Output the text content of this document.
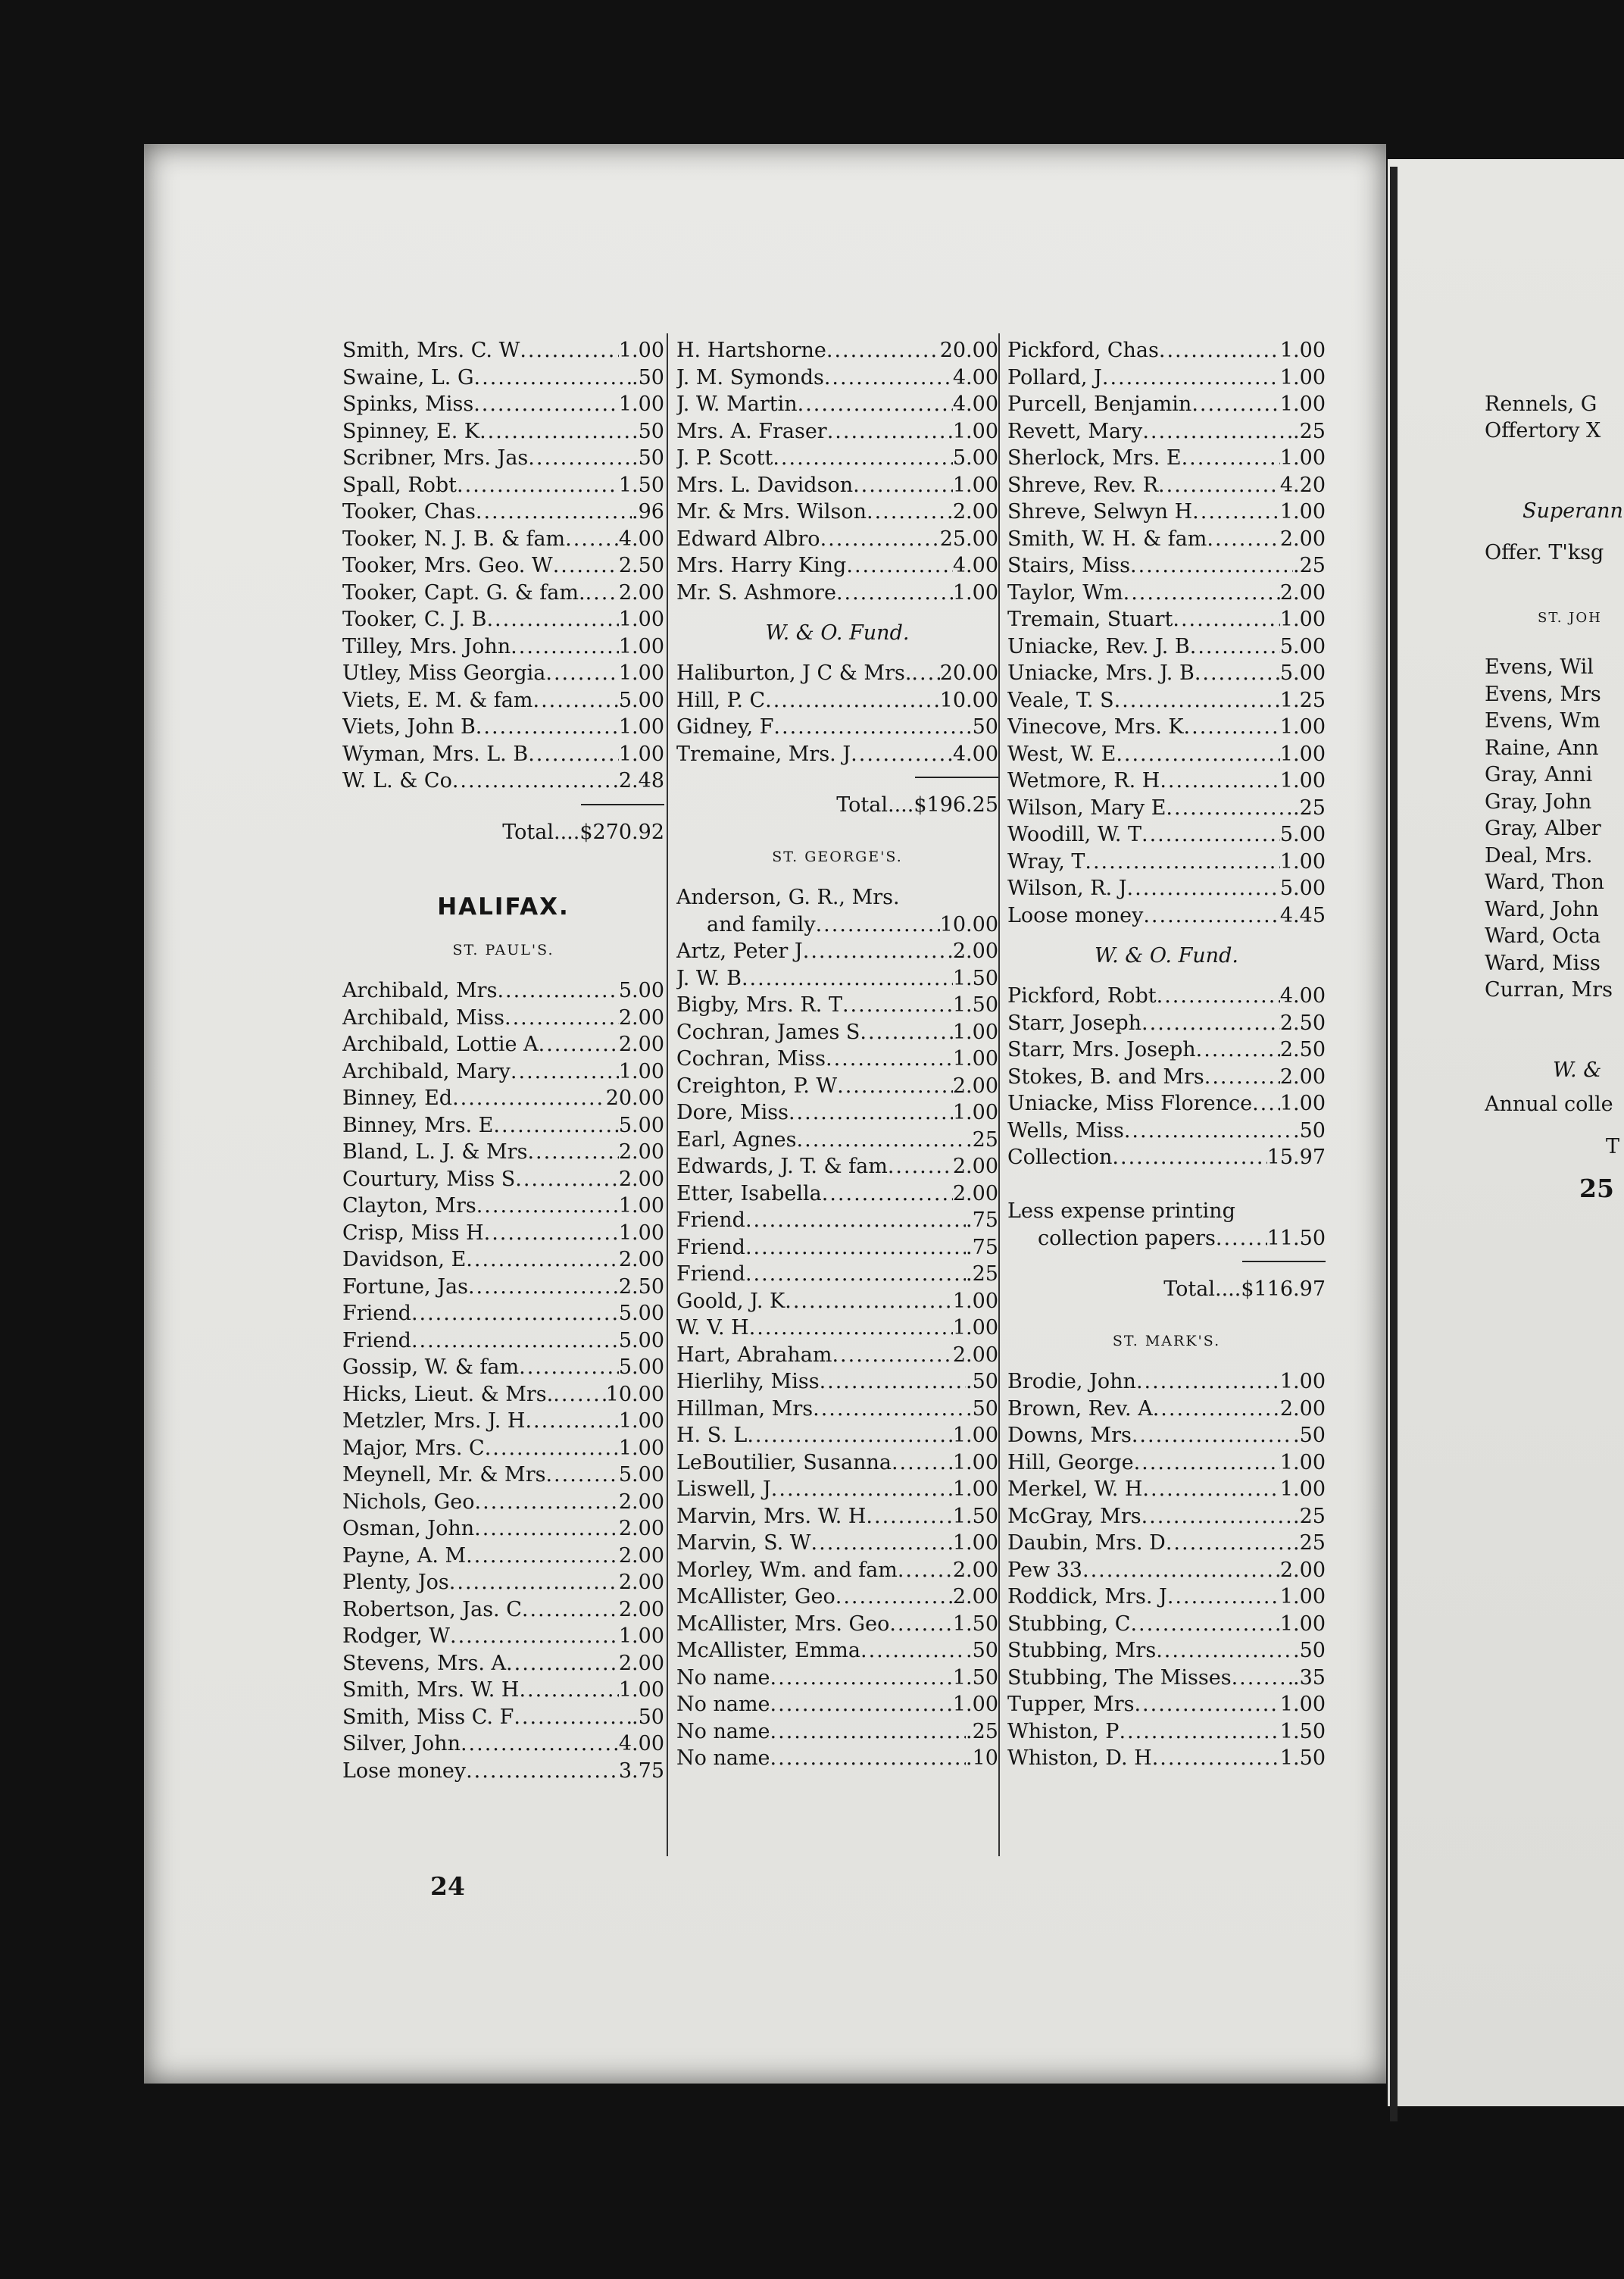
Smith, Mrs. C. W .....	1.00
Swaine, L. G .....	.50
Spinks, Miss .....	1.00
Spinney, E. K .....	.50
Scribner, Mrs. Jas .....	.50
Spall, Robt .....	1.50
Tooker, Chas .....	.96
Tooker, N. J. B. & fam .....	4.00
Tooker, Mrs. Geo. W .....	2.50
Tooker, Capt. G. & fam. ..... 2.00
Tooker, C. J. B .....	1.00
Tilley, Mrs. John .....	1.00
Utley, Miss Georgia .....	1.00
Viets, E. M. & fam .....	5.00
Viets, John B .....	1.00
Wyman, Mrs. L. B .....	1.00
W. L. & Co .....	2.48
Total....$270.92
HALIFAX.
ST. PAUL'S.
Archibald, Mrs .....	5.00
Archibald, Miss .....	2.00
Archibald, Lottie A .....	2.00
Archibald, Mary .....	1.00
Binney, Ed .....	20.00
Binney, Mrs. E .....	5.00
Bland, L. J. & Mrs .....	2.00
Courtury, Miss S .....	2.00
Clayton, Mrs .....	1.00
Crisp, Miss H .....	1.00
Davidson, E .....	2.00
Fortune, Jas .....	2.50
Friend .....	5.00
Friend .....	5.00
Gossip, W. & fam .....	5.00
Hicks, Lieut. & Mrs. .....	10.00
Metzler, Mrs. J. H .....	1.00
Major, Mrs. C .....	1.00
Meynell, Mr. & Mrs .....	5.00
Nichols, Geo .....	2.00
Osman, John .....	2.00
Payne, A. M .....	2.00
Plenty, Jos .....	2.00
Robertson, Jas. C .....	2.00
Rodger, W .....	1.00
Stevens, Mrs. A .....	2.00
Smith, Mrs. W. H .....	1.00
Smith, Miss C. F .....	.50
Silver, John .....	4.00
Lose money .....	3.75
H. Hartshorne .....	20.00
J. M. Symonds .....	4.00
J. W. Martin .....	4.00
Mrs. A. Fraser .....	1.00
J. P. Scott .....	5.00
Mrs. L. Davidson .....	1.00
Mr. & Mrs. Wilson .....	2.00
Edward Albro .....	25.00
Mrs. Harry King .....	4.00
Mr. S. Ashmore .....	1.00
W. & O. Fund.
Haliburton, J C & Mrs. ..... 20.00
Hill, P. C .....	10.00
Gidney, F .....	.50
Tremaine, Mrs. J .....	4.00
Total....$196.25
ST. GEORGE'S.
Anderson, G. R., Mrs.
and family .....	10.00
Artz, Peter J .....	2.00
J. W. B .....	1.50
Bigby, Mrs. R. T .....	1.50
Cochran, James S .....	1.00
Cochran, Miss .....	1.00
Creighton, P. W .....	2.00
Dore, Miss .....	1.00
Earl, Agnes .....	.25
Edwards, J. T. & fam .....	2.00
Etter, Isabella .....	2.00
Friend .....	.75
Friend .....	.75
Friend .....	.25
Goold, J. K .....	1.00
W. V. H .....	1.00
Hart, Abraham .....	2.00
Hierlihy, Miss .....	.50
Hillman, Mrs .....	.50
H. S. L .....	1.00
LeBoutilier, Susanna .....	1.00
Liswell, J .....	1.00
Marvin, Mrs. W. H .....	1.50
Marvin, S. W .....	1.00
Morley, Wm. and fam .....	2.00
McAllister, Geo .....	2.00
McAllister, Mrs. Geo .....	1.50
McAllister, Emma .....	.50
No name .....	1.50
No name .....	1.00
No name .....	.25
No name .....	.10
Pickford, Chas .....	1.00
Pollard, J .....	1.00
Purcell, Benjamin .....	1.00
Revett, Mary .....	.25
Sherlock, Mrs. E .....	1.00
Shreve, Rev. R .....	4.20
Shreve, Selwyn H .....	1.00
Smith, W. H. & fam .....	2.00
Stairs, Miss .....	.25
Taylor, Wm .....	2.00
Tremain, Stuart .....	1.00
Uniacke, Rev. J. B .....	5.00
Uniacke, Mrs. J. B .....	5.00
Veale, T. S .....	1.25
Vinecove, Mrs. K .....	1.00
West, W. E .....	1.00
Wetmore, R. H .....	1.00
Wilson, Mary E .....	.25
Woodill, W. T .....	5.00
Wray, T .....	1.00
Wilson, R. J .....	5.00
Loose money .....	4.45
W. & O. Fund.
Pickford, Robt .....	4.00
Starr, Joseph .....	2.50
Starr, Mrs. Joseph .....	2.50
Stokes, B. and Mrs .....	2.00
Uniacke, Miss Florence ..... 1.00
Wells, Miss .....	.50
Collection .....	15.97
Less expense printing
collection papers .....	11.50
Total....$116.97
ST. MARK'S.
Brodie, John .....	1.00
Brown, Rev. A .....	2.00
Downs, Mrs .....	.50
Hill, George .....	1.00
Merkel, W. H .....	1.00
McGray, Mrs .....	.25
Daubin, Mrs. D .....	.25
Pew 33 .....	2.00
Roddick, Mrs. J .....	1.00
Stubbing, C .....	1.00
Stubbing, Mrs .....	.50
Stubbing, The Misses .....	.35
Tupper, Mrs .....	1.00
Whiston, P .....	1.50
Whiston, D. H .....	1.50
24
Rennels, G
Offertory X
Superann
Offer. T'ksg
ST. JOH
Evens, Wil
Evens, Mrs
Evens, Wm
Raine, Ann
Gray, Anni
Gray, John
Gray, Alber
Deal, Mrs.
Ward, Thon
Ward, John
Ward, Octa
Ward, Miss
Curran, Mrs
W. &
Annual colle
T
25
